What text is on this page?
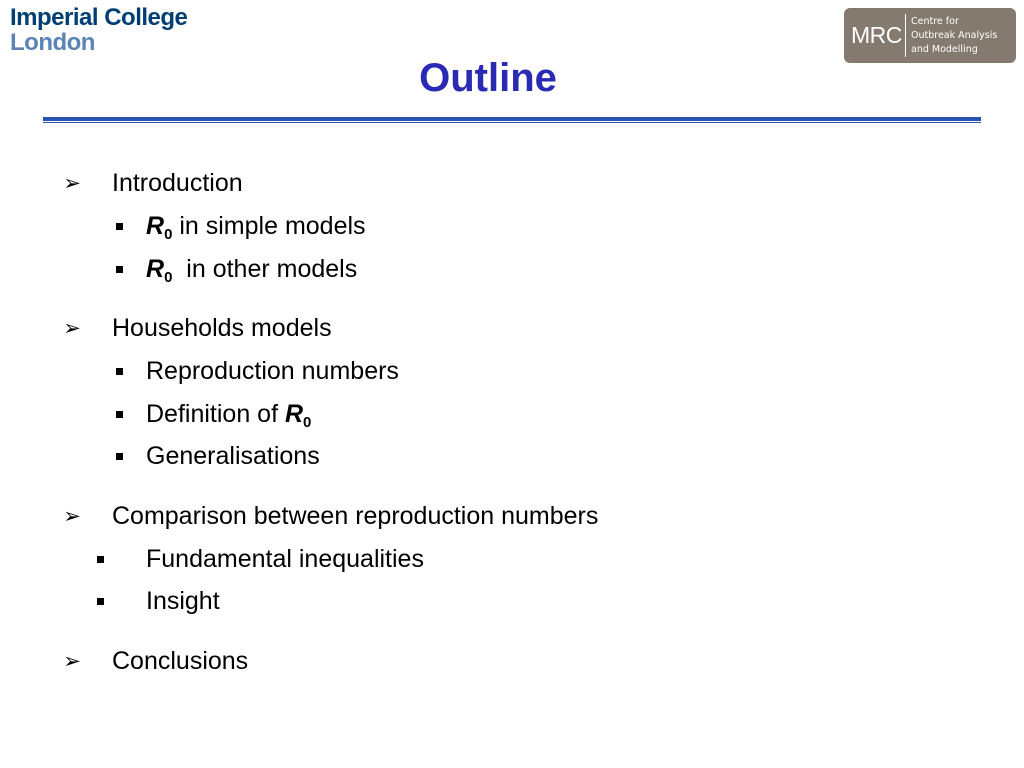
Imperial College
London	MRC
Centre for
Outbreak Analysis
and Modelling
Outline
➢ Introduction
$R_0$ in simple models
$R_0$  in other models
➢ Households models
Reproduction numbers
Definition of $R_0$
Generalisations
➢ Comparison between reproduction numbers
Fundamental inequalities
Insight
➢ Conclusions
